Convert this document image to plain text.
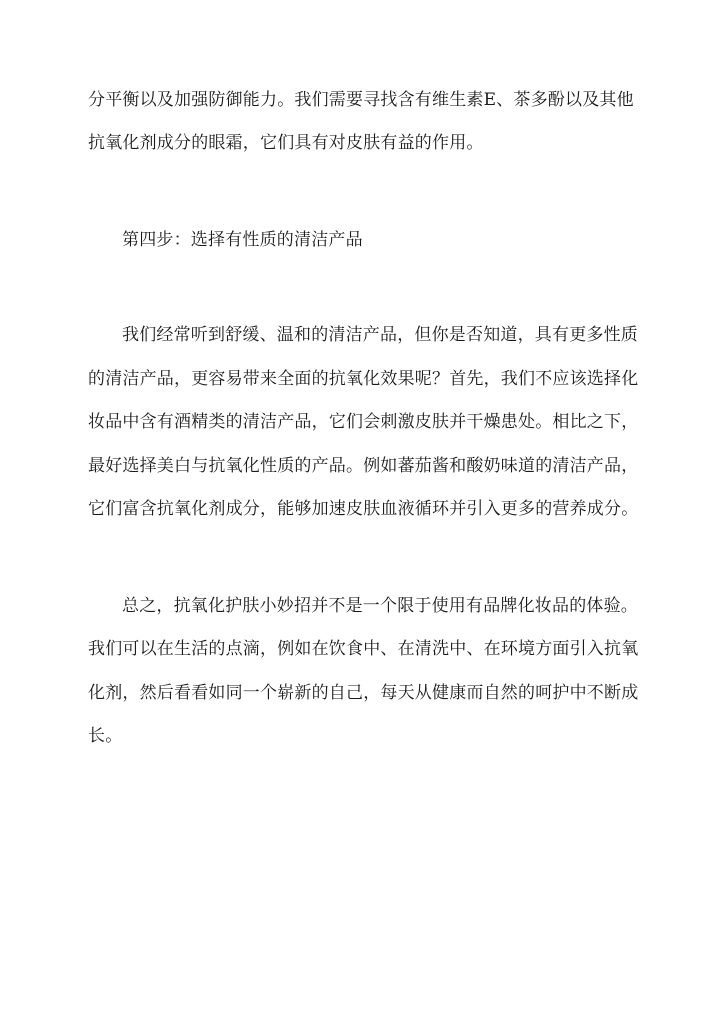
分平衡以及加强防御能力。我们需要寻找含有维生素E、茶多酚以及其他
抗氧化剂成分的眼霜，它们具有对皮肤有益的作用。
第四步：选择有性质的清洁产品
我们经常听到舒缓、温和的清洁产品，但你是否知道，具有更多性质
的清洁产品，更容易带来全面的抗氧化效果呢？首先，我们不应该选择化
妆品中含有酒精类的清洁产品，它们会刺激皮肤并干燥患处。相比之下，
最好选择美白与抗氧化性质的产品。例如蕃茄酱和酸奶味道的清洁产品，
它们富含抗氧化剂成分，能够加速皮肤血液循环并引入更多的营养成分。
总之，抗氧化护肤小妙招并不是一个限于使用有品牌化妆品的体验。
我们可以在生活的点滴，例如在饮食中、在清洗中、在环境方面引入抗氧
化剂，然后看看如同一个崭新的自己，每天从健康而自然的呵护中不断成
长。
